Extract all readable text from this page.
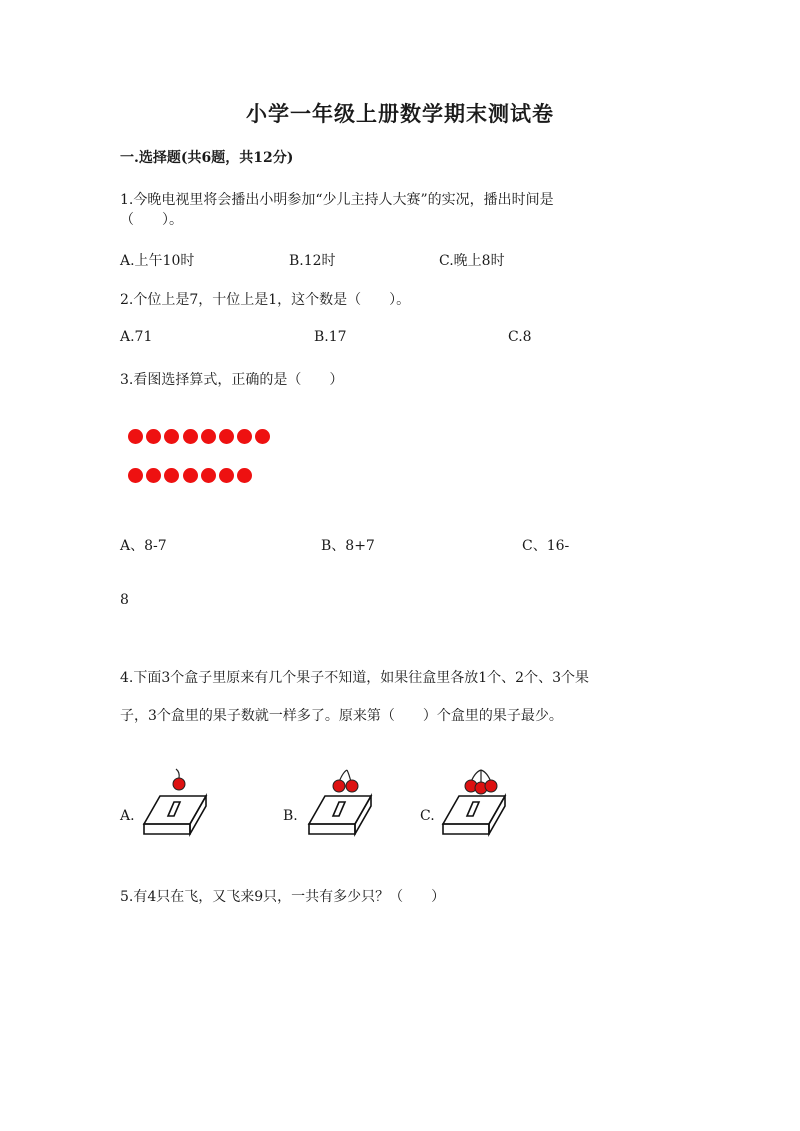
小学一年级上册数学期末测试卷
一.选择题(共6题，共12分)
1.今晚电视里将会播出小明参加“少儿主持人大赛”的实况，播出时间是
（　　）。
A.上午10时	B.12时	C.晚上8时
2.个位上是7，十位上是1，这个数是（　　）。
A.71	B.17	C.8
3.看图选择算式，正确的是（　　）
A、8-7	B、8+7	C、16-
8
4.下面3个盒子里原来有几个果子不知道，如果往盒里各放1个、2个、3个果
子，3个盒里的果子数就一样多了。原来第（　　）个盒里的果子最少。
A.	B.	C.
5.有4只在飞，又飞来9只，一共有多少只？（　　）
